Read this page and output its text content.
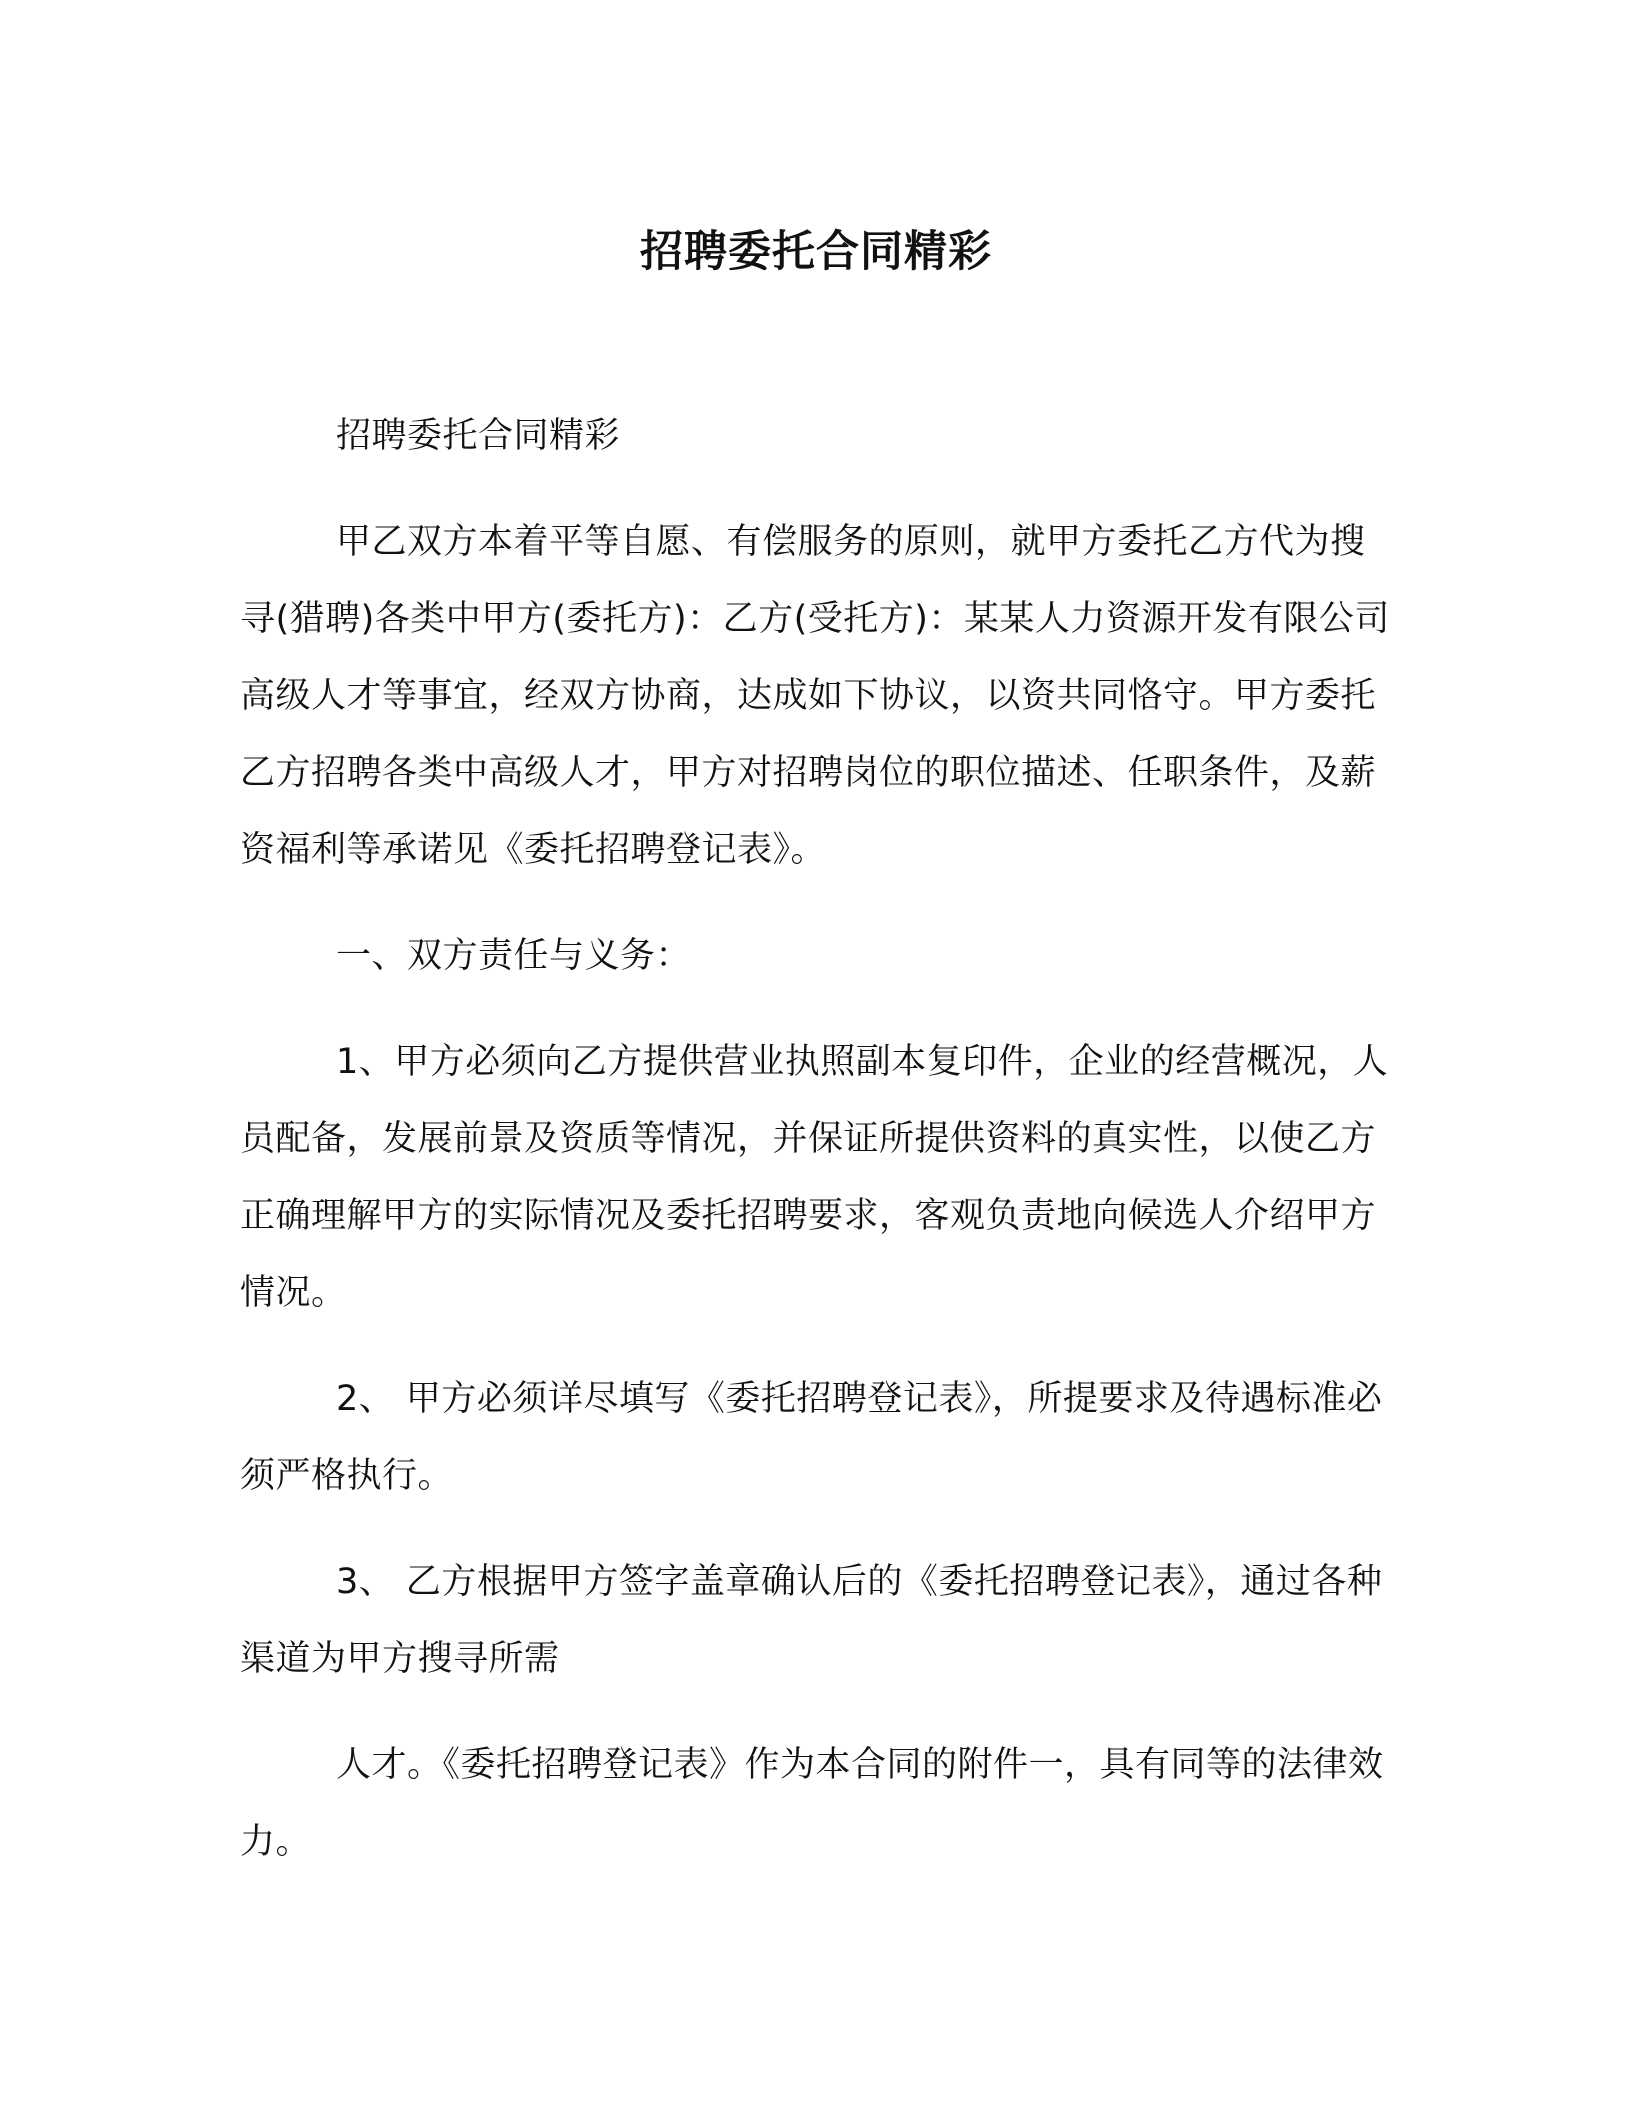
招聘委托合同精彩

招聘委托合同精彩

甲乙双方本着平等自愿、有偿服务的原则，就甲方委托乙方代为搜寻(猎聘)各类中甲方(委托方)：乙方(受托方)：某某人力资源开发有限公司高级人才等事宜，经双方协商，达成如下协议，以资共同恪守。甲方委托乙方招聘各类中高级人才，甲方对招聘岗位的职位描述、任职条件，及薪资福利等承诺见《委托招聘登记表》。

一、双方责任与义务：

1、甲方必须向乙方提供营业执照副本复印件，企业的经营概况，人员配备，发展前景及资质等情况，并保证所提供资料的真实性，以使乙方正确理解甲方的实际情况及委托招聘要求，客观负责地向候选人介绍甲方情况。

2、 甲方必须详尽填写《委托招聘登记表》，所提要求及待遇标准必须严格执行。

3、 乙方根据甲方签字盖章确认后的《委托招聘登记表》，通过各种渠道为甲方搜寻所需

人才。《委托招聘登记表》作为本合同的附件一，具有同等的法律效力。
